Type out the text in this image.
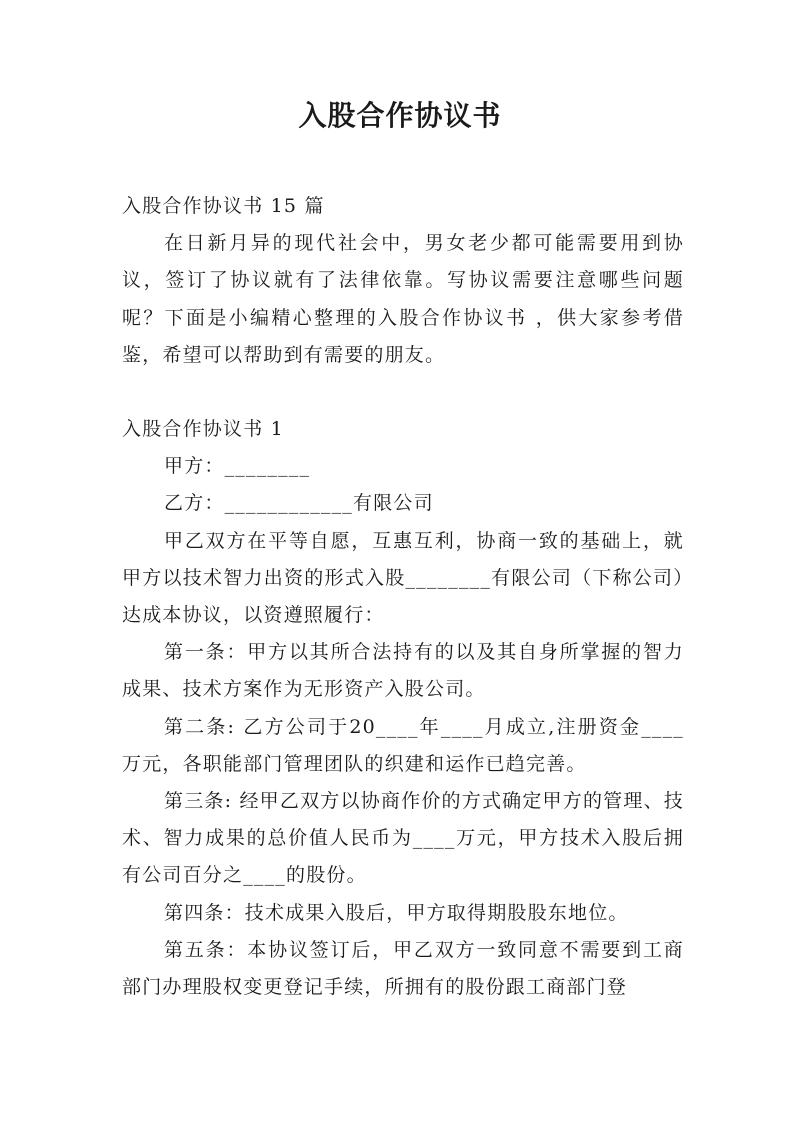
入股合作协议书

入股合作协议书 15 篇

在日新月异的现代社会中，男女老少都可能需要用到协议，签订了协议就有了法律依靠。写协议需要注意哪些问题呢？下面是小编精心整理的入股合作协议书 ，供大家参考借鉴，希望可以帮助到有需要的朋友。

入股合作协议书 1

甲方：________

乙方：____________有限公司

甲乙双方在平等自愿，互惠互利，协商一致的基础上，就甲方以技术智力出资的形式入股________有限公司（下称公司）达成本协议，以资遵照履行：

第一条：甲方以其所合法持有的以及其自身所掌握的智力成果、技术方案作为无形资产入股公司。

第二条: 乙方公司于20____年____月成立,注册资金____万元，各职能部门管理团队的织建和运作已趋完善。

第三条: 经甲乙双方以协商作价的方式确定甲方的管理、技术、智力成果的总价值人民币为____万元，甲方技术入股后拥有公司百分之____的股份。

第四条：技术成果入股后，甲方取得期股股东地位。

第五条：本协议签订后，甲乙双方一致同意不需要到工商部门办理股权变更登记手续，所拥有的股份跟工商部门登
